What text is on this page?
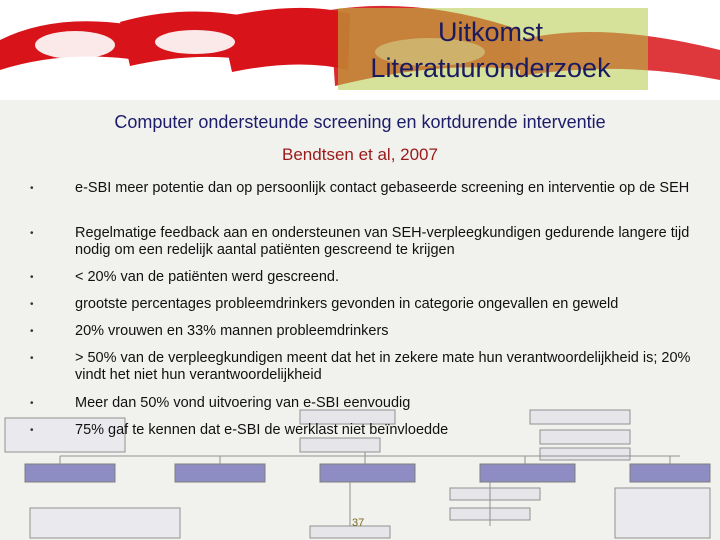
Uitkomst Literatuuronderzoek
Computer ondersteunde screening en kortdurende interventie
Bendtsen et al, 2007
•	e-SBI meer potentie dan op persoonlijk contact gebaseerde screening en interventie op de SEH
•	Regelmatige feedback aan en ondersteunen van SEH-verpleegkundigen gedurende langere tijd nodig om een redelijk aantal patiënten gescreend te krijgen
•	< 20% van de patiënten werd gescreend.
•	grootste percentages probleemdrinkers gevonden in categorie ongevallen en geweld
•	20% vrouwen en 33% mannen probleemdrinkers
•	> 50% van de verpleegkundigen meent dat het in zekere mate hun verantwoordelijkheid is; 20% vindt het niet hun verantwoordelijkheid
•	Meer dan 50% vond uitvoering van e-SBI eenvoudig
•	75% gaf te kennen dat e-SBI de werklast niet beïnvloedde
37
